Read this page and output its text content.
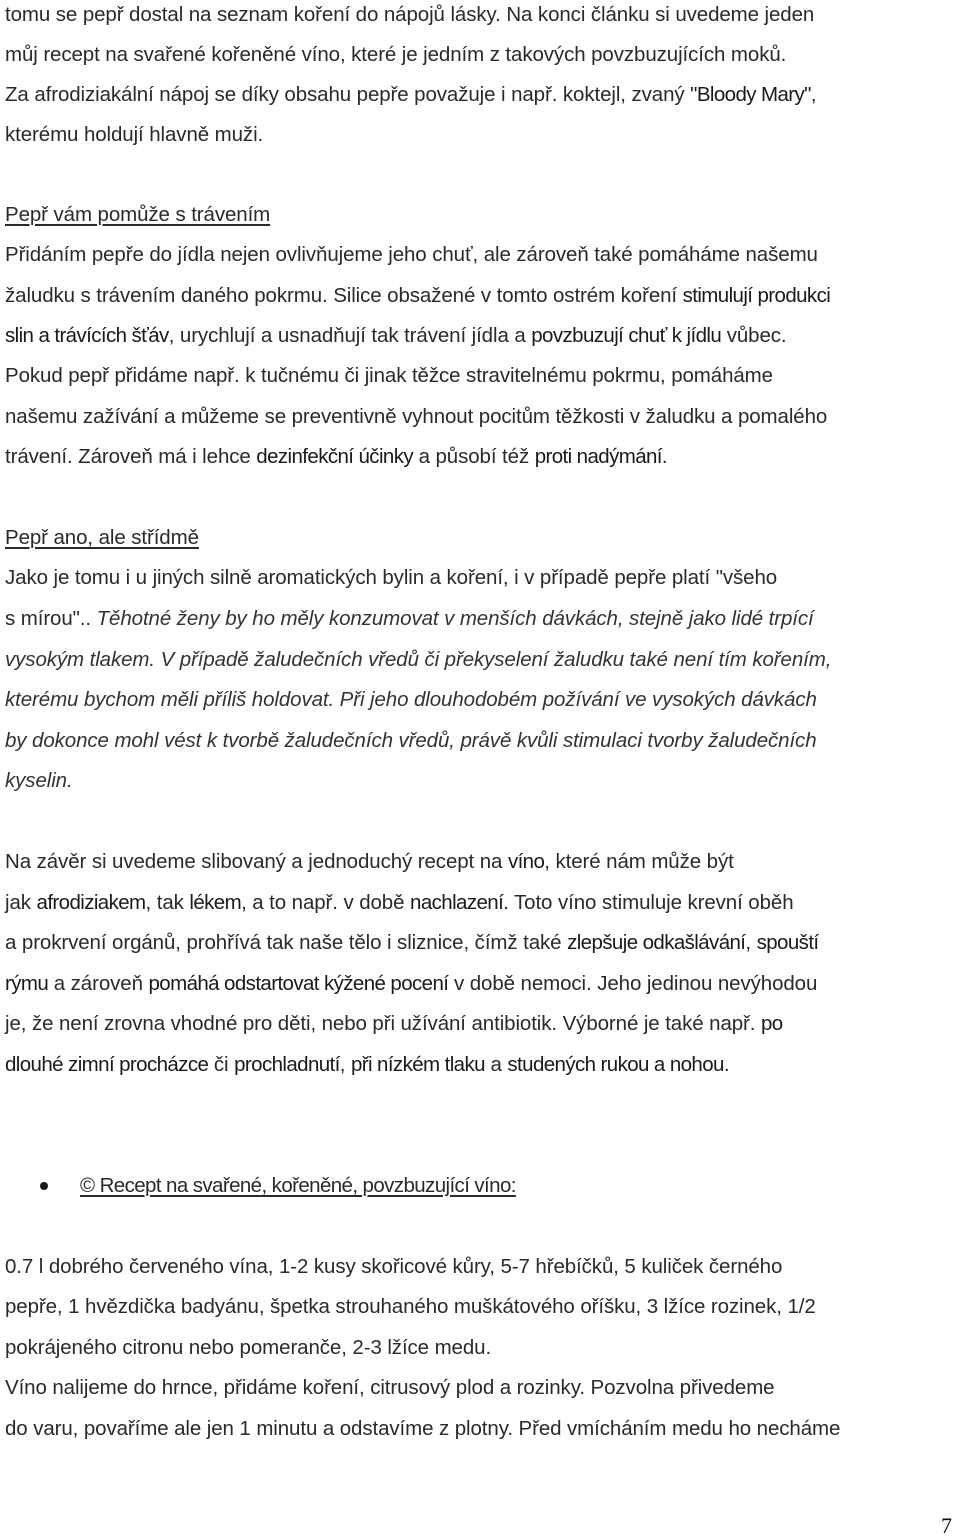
tomu se pepř dostal na seznam koření do nápojů lásky. Na konci článku si uvedeme jeden
můj recept na svařené kořeněné víno, které je jedním z takových povzbuzujících moků.
Za afrodiziakální nápoj se díky obsahu pepře považuje i např. koktejl, zvaný "Bloody Mary",
kterému holdují hlavně muži.
Pepř vám pomůže s trávením
Přidáním pepře do jídla nejen ovlivňujeme jeho chuť, ale zároveň také pomáháme našemu
žaludku s trávením daného pokrmu. Silice obsažené v tomto ostrém koření stimulují produkci
slin a trávících šťáv, urychlují a usnadňují tak trávení jídla a povzbuzují chuť k jídlu vůbec.
Pokud pepř přidáme např. k tučnému či jinak těžce stravitelnému pokrmu, pomáháme
našemu zažívání a můžeme se preventivně vyhnout pocitům těžkosti v žaludku a pomalého
trávení. Zároveň má i lehce dezinfekční účinky a působí též proti nadýmání.
Pepř ano, ale střídmě
Jako je tomu i u jiných silně aromatických bylin a koření, i v případě pepře platí "všeho
s mírou".. Těhotné ženy by ho měly konzumovat v menších dávkách, stejně jako lidé trpící
vysokým tlakem. V případě žaludečních vředů či překyselení žaludku také není tím kořením,
kterému bychom měli příliš holdovat. Při jeho dlouhodobém požívání ve vysokých dávkách
by dokonce mohl vést k tvorbě žaludečních vředů, právě kvůli stimulaci tvorby žaludečních
kyselin.
Na závěr si uvedeme slibovaný a jednoduchý recept na víno, které nám může být
jak afrodiziakem, tak lékem, a to např. v době nachlazení. Toto víno stimuluje krevní oběh
a prokrvení orgánů, prohřívá tak naše tělo i sliznice, čímž také zlepšuje odkašlávání, spouští
rýmu a zároveň pomáhá odstartovat kýžené pocení v době nemoci. Jeho jedinou nevýhodou
je, že není zrovna vhodné pro děti, nebo při užívání antibiotik. Výborné je také např. po
dlouhé zimní procházce či prochladnutí, při nízkém tlaku a studených rukou a nohou.
© Recept na svařené, kořeněné, povzbuzující víno:
0.7 l dobrého červeného vína, 1-2 kusy skořicové kůry, 5-7 hřebíčků, 5 kuliček černého
pepře, 1 hvězdička badyánu, špetka strouhaného muškátového oříšku, 3 lžíce rozinek, 1/2
pokrájeného citronu nebo pomeranče, 2-3 lžíce medu.
Víno nalijeme do hrnce, přidáme koření, citrusový plod a rozinky. Pozvolna přivedeme
do varu, povaříme ale jen 1 minutu a odstavíme z plotny. Před vmícháním medu ho necháme
7
